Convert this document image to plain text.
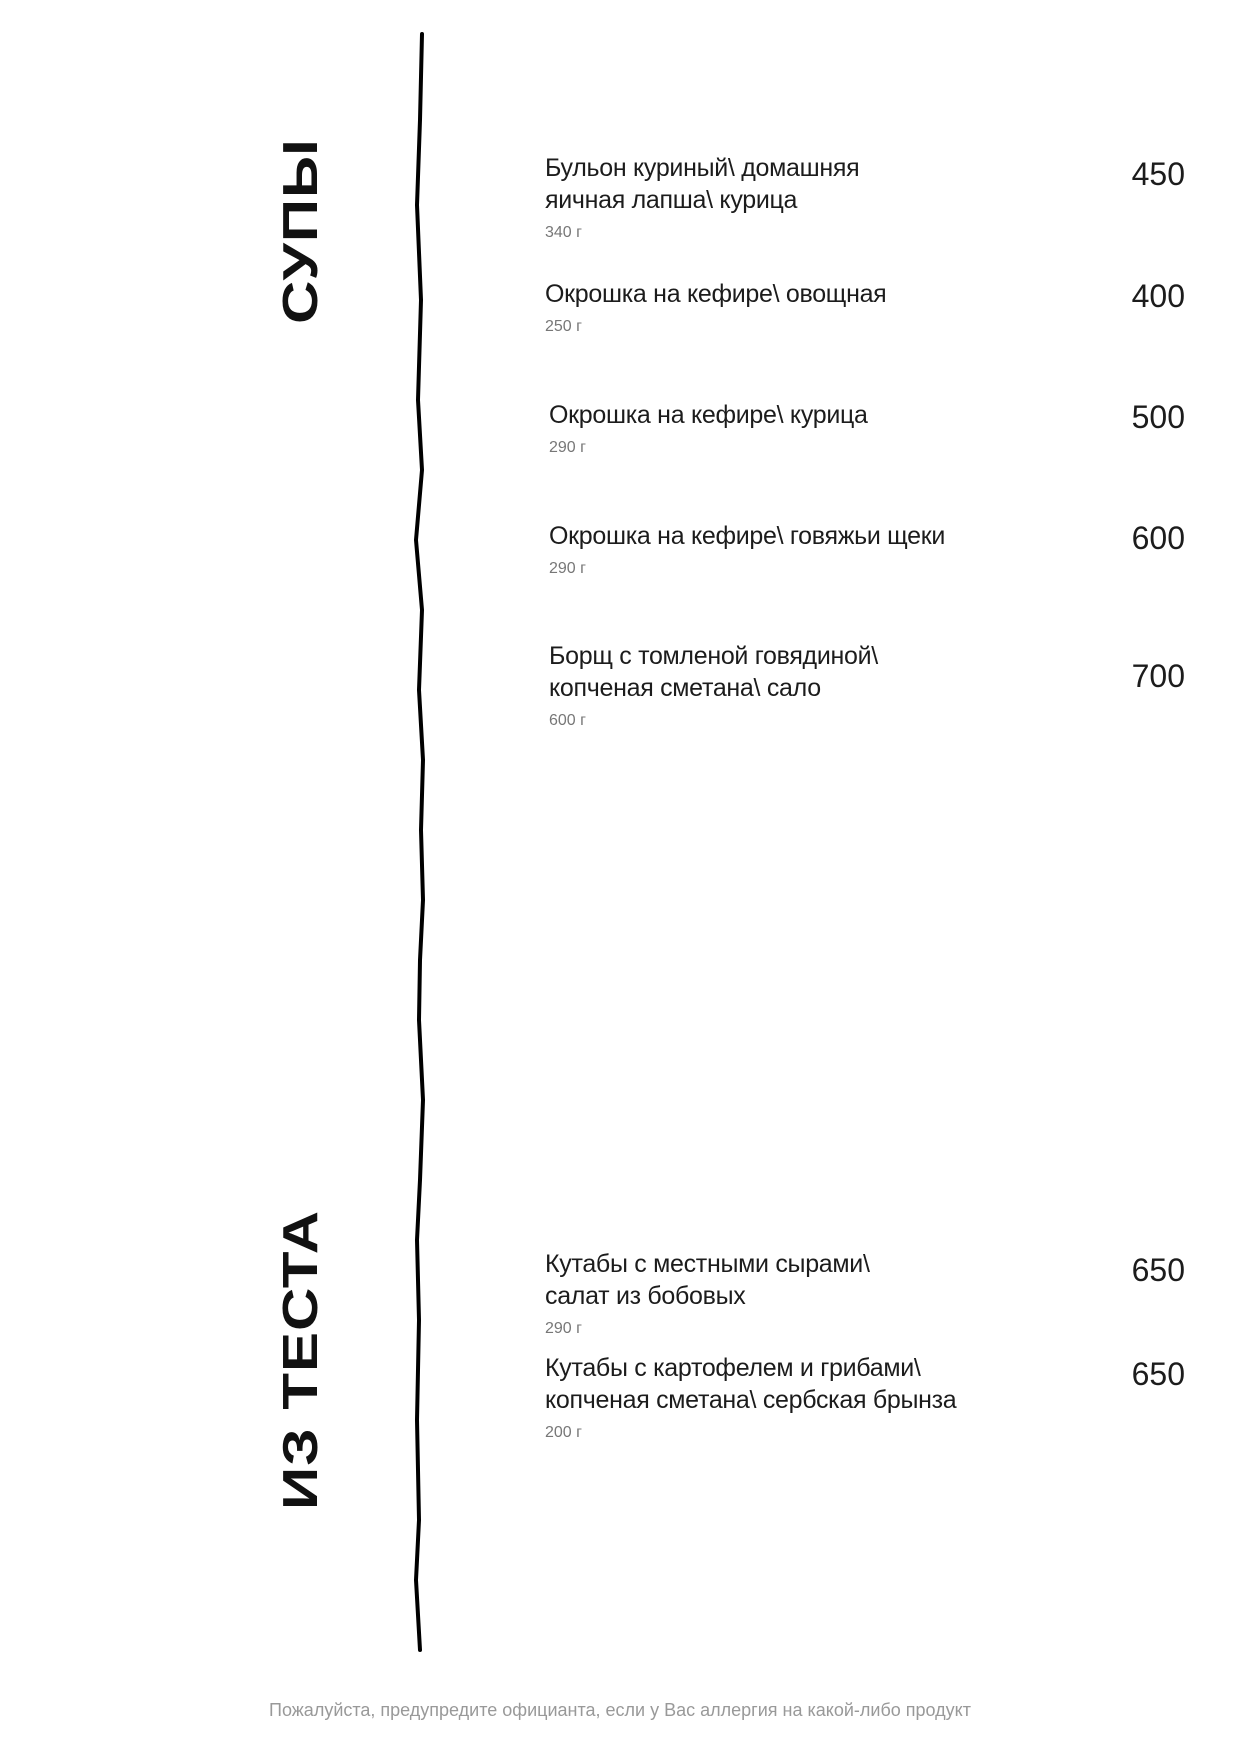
СУПЫ
ИЗ ТЕСТА
Бульон куриный\ домашняя
яичная лапша\ курица
340 г
450
Окрошка на кефире\ овощная
250 г
400
Окрошка на кефире\ курица
290 г
500
Окрошка на кефире\ говяжьи щеки
290 г
600
Борщ с томленой говядиной\
копченая сметана\ сало
600 г
700
Кутабы с местными сырами\
салат из бобовых
290 г
650
Кутабы с картофелем и грибами\
копченая сметана\ сербская брынза
200 г
650
Пожалуйста, предупредите официанта, если у Вас аллергия на какой-либо продукт
